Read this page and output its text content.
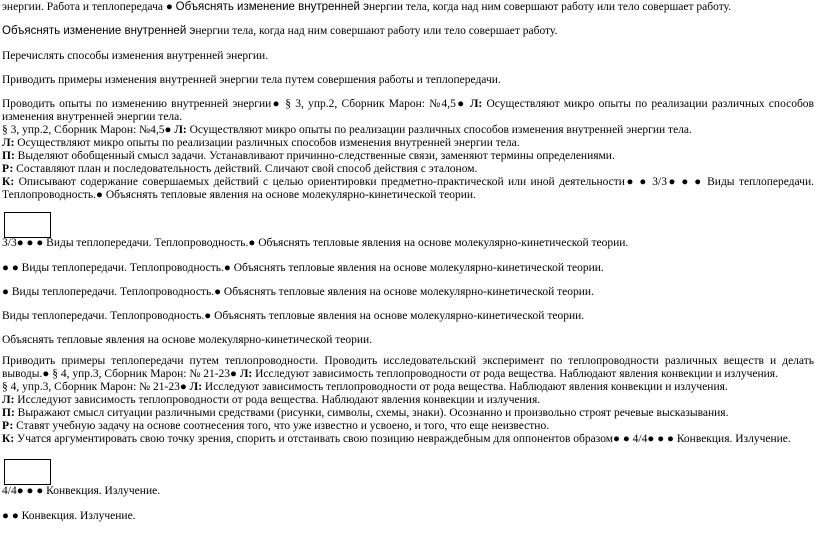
энергии. Работа и теплопередача ● Объяснять изменение внутренней энергии тела, когда над ним совершают работу или тело совершает работу.

Объяснять изменение внутренней энергии тела, когда над ним совершают работу или тело совершает работу.

Перечислять способы изменения внутренней энергии.

Приводить примеры изменения внутренней энергии тела путем совершения работы и теплопередачи.

Проводить опыты по изменению внутренней энергии● § 3, упр.2, Сборник Марон: №4,5● Л: Осуществляют микро опыты по реализации различных способов изменения внутренней энергии тела.

§ 3, упр.2, Сборник Марон: №4,5● Л: Осуществляют микро опыты по реализации различных способов изменения внутренней энергии тела.

Л: Осуществляют микро опыты по реализации различных способов изменения внутренней энергии тела.

П: Выделяют обобщенный смысл задачи. Устанавливают причинно-следственные связи, заменяют термины определениями.

Р: Составляют план и последовательность действий. Сличают свой способ действия с эталоном.

К: Описывают содержание совершаемых действий с целью ориентировки предметно-практической или иной деятельности● ● 3/3● ● ● Виды теплопередачи. Теплопроводность.● Объяснять тепловые явления на основе молекулярно-кинетической теории.

3/3● ● ● Виды теплопередачи. Теплопроводность.● Объяснять тепловые явления на основе молекулярно-кинетической теории.

● ● Виды теплопередачи. Теплопроводность.● Объяснять тепловые явления на основе молекулярно-кинетической теории.

● Виды теплопередачи. Теплопроводность.● Объяснять тепловые явления на основе молекулярно-кинетической теории.

Виды теплопередачи. Теплопроводность.● Объяснять тепловые явления на основе молекулярно-кинетической теории.

Объяснять тепловые явления на основе молекулярно-кинетической теории.

Приводить примеры теплопередачи путем теплопроводности. Проводить исследовательский эксперимент по теплопроводности различных веществ и делать выводы.● § 4, упр.3, Сборник Марон: № 21-23● Л: Исследуют зависимость теплопроводности от рода вещества. Наблюдают явления конвекции и излучения.

§ 4, упр.3, Сборник Марон: № 21-23● Л: Исследуют зависимость теплопроводности от рода вещества. Наблюдают явления конвекции и излучения.

Л: Исследуют зависимость теплопроводности от рода вещества. Наблюдают явления конвекции и излучения.

П: Выражают смысл ситуации различными средствами (рисунки, символы, схемы, знаки). Осознанно и произвольно строят речевые высказывания.

Р: Ставят учебную задачу на основе соотнесения того, что уже известно и усвоено, и того, что еще неизвестно.

К: Учатся аргументировать свою точку зрения, спорить и отстаивать свою позицию невраждебным для оппонентов образом● ● 4/4● ● ● Конвекция. Излучение.

4/4● ● ● Конвекция. Излучение.

● ● Конвекция. Излучение.
